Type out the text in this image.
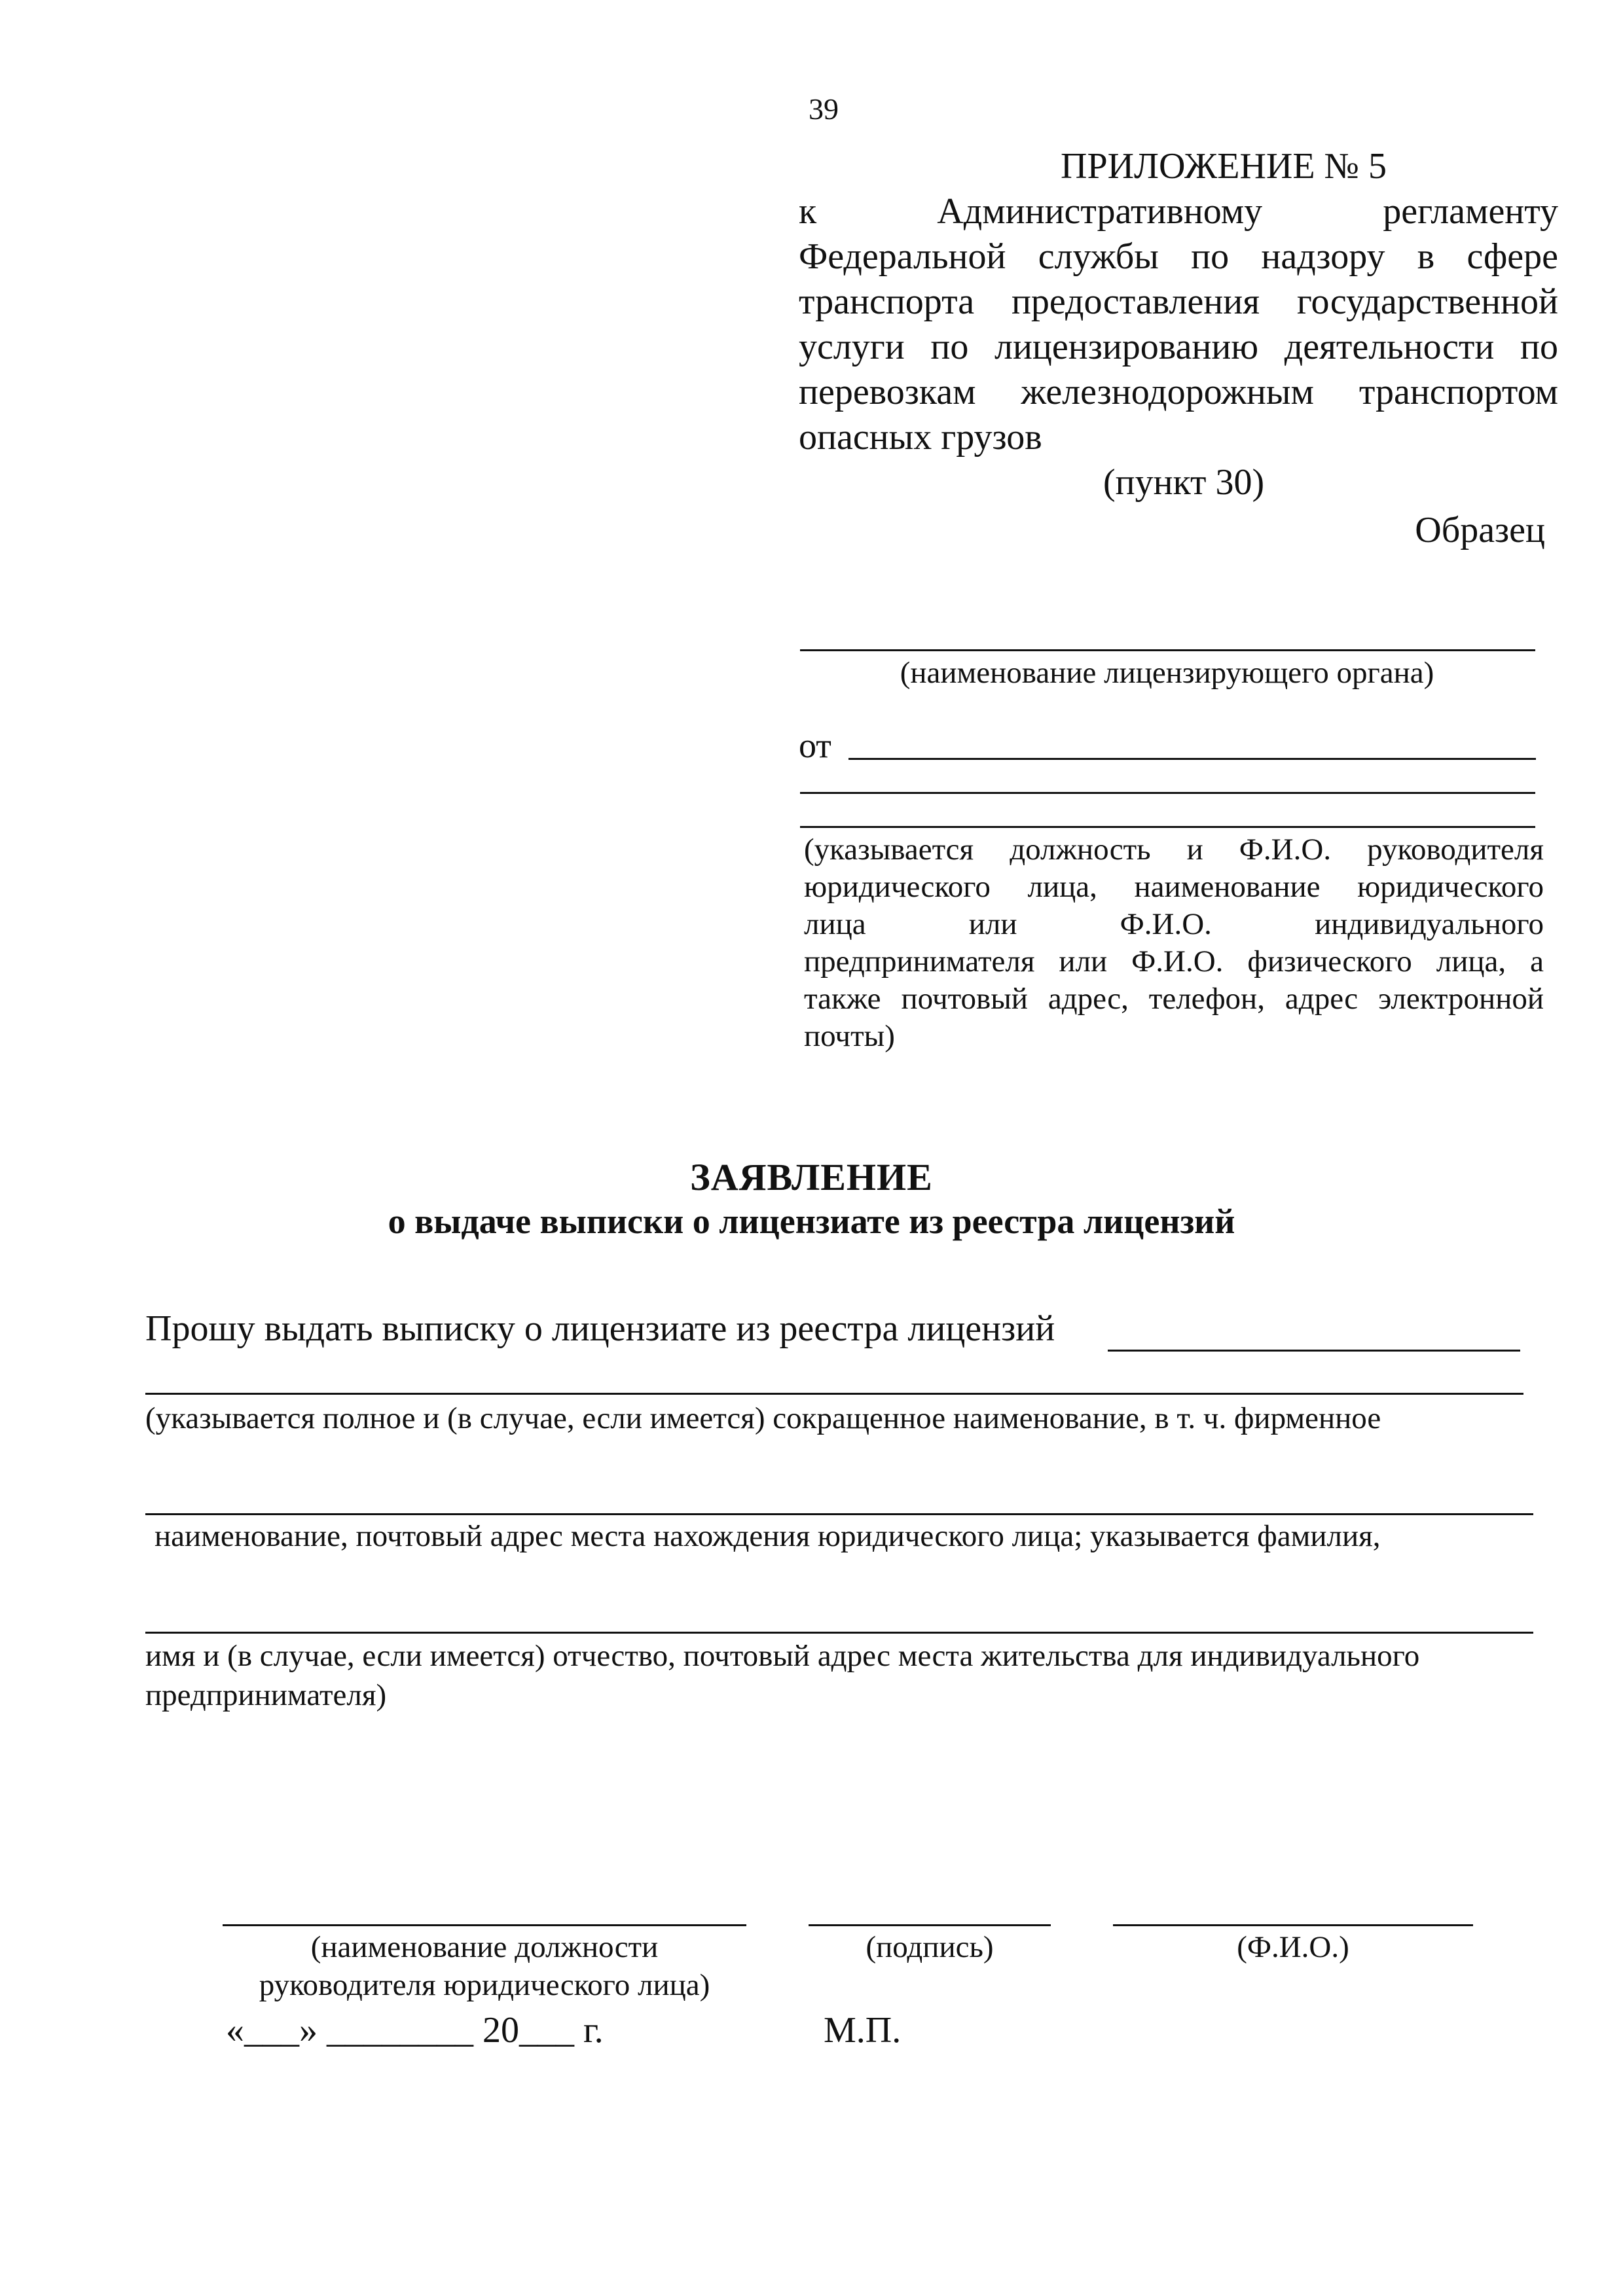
39
ПРИЛОЖЕНИЕ № 5
к Административному регламенту
Федеральной службы по надзору в сфере
транспорта предоставления государственной
услуги по лицензированию деятельности по
перевозкам железнодорожным транспортом
опасных грузов
(пункт 30)
Образец
(наименование лицензирующего органа)
от
(указывается должность и Ф.И.О. руководителя
юридического лица, наименование юридического
лица или Ф.И.О. индивидуального
предпринимателя или Ф.И.О. физического лица, а
также почтовый адрес, телефон, адрес электронной
почты)
ЗАЯВЛЕНИЕ
о выдаче выписки о лицензиате из реестра лицензий
Прошу выдать выписку о лицензиате из реестра лицензий
(указывается полное и (в случае, если имеется) сокращенное наименование, в т. ч. фирменное
наименование, почтовый адрес места нахождения юридического лица; указывается фамилия,
имя и (в случае, если имеется) отчество, почтовый адрес места жительства для индивидуального предпринимателя)
(наименование должности
руководителя юридического лица)
(подпись)	(Ф.И.О.)
«___» ________ 20___ г.	М.П.
